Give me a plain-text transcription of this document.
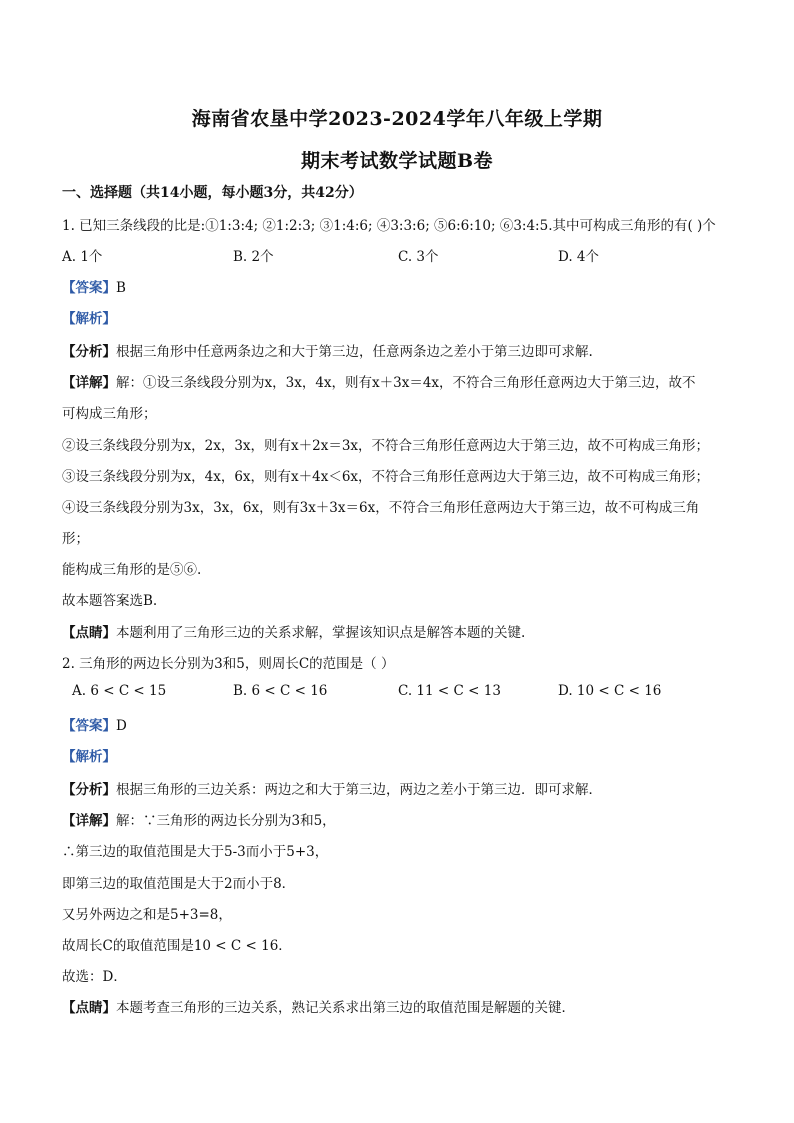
海南省农垦中学2023-2024学年八年级上学期
期末考试数学试题B卷
一、选择题（共14小题，每小题3分，共42分）
1. 已知三条线段的比是:①1:3:4; ②1:2:3; ③1:4:6; ④3:3:6; ⑤6:6:10; ⑥3:4:5.其中可构成三角形的有( )个
A. 1个	B. 2个	C. 3个	D. 4个
【答案】B
【解析】
【分析】根据三角形中任意两条边之和大于第三边，任意两条边之差小于第三边即可求解.
【详解】解：①设三条线段分别为x，3x，4x，则有x＋3x＝4x，不符合三角形任意两边大于第三边，故不
可构成三角形；
②设三条线段分别为x，2x，3x，则有x＋2x＝3x，不符合三角形任意两边大于第三边，故不可构成三角形；
③设三条线段分别为x，4x，6x，则有x＋4x＜6x，不符合三角形任意两边大于第三边，故不可构成三角形；
④设三条线段分别为3x，3x，6x，则有3x＋3x＝6x，不符合三角形任意两边大于第三边，故不可构成三角
形；
能构成三角形的是⑤⑥.
故本题答案选B.
【点睛】本题利用了三角形三边的关系求解，掌握该知识点是解答本题的关键.
2. 三角形的两边长分别为3和5，则周长C的范围是（ ）
A. 6 < C < 15	B. 6 < C < 16	C. 11 < C < 13	D. 10 < C < 16
【答案】D
【解析】
【分析】根据三角形的三边关系：两边之和大于第三边，两边之差小于第三边．即可求解．
【详解】解：∵三角形的两边长分别为3和5，
∴第三边的取值范围是大于5-3而小于5+3，
即第三边的取值范围是大于2而小于8．
又另外两边之和是5+3=8，
故周长C的取值范围是10 < C < 16．
故选：D．
【点睛】本题考查三角形的三边关系，熟记关系求出第三边的取值范围是解题的关键．
